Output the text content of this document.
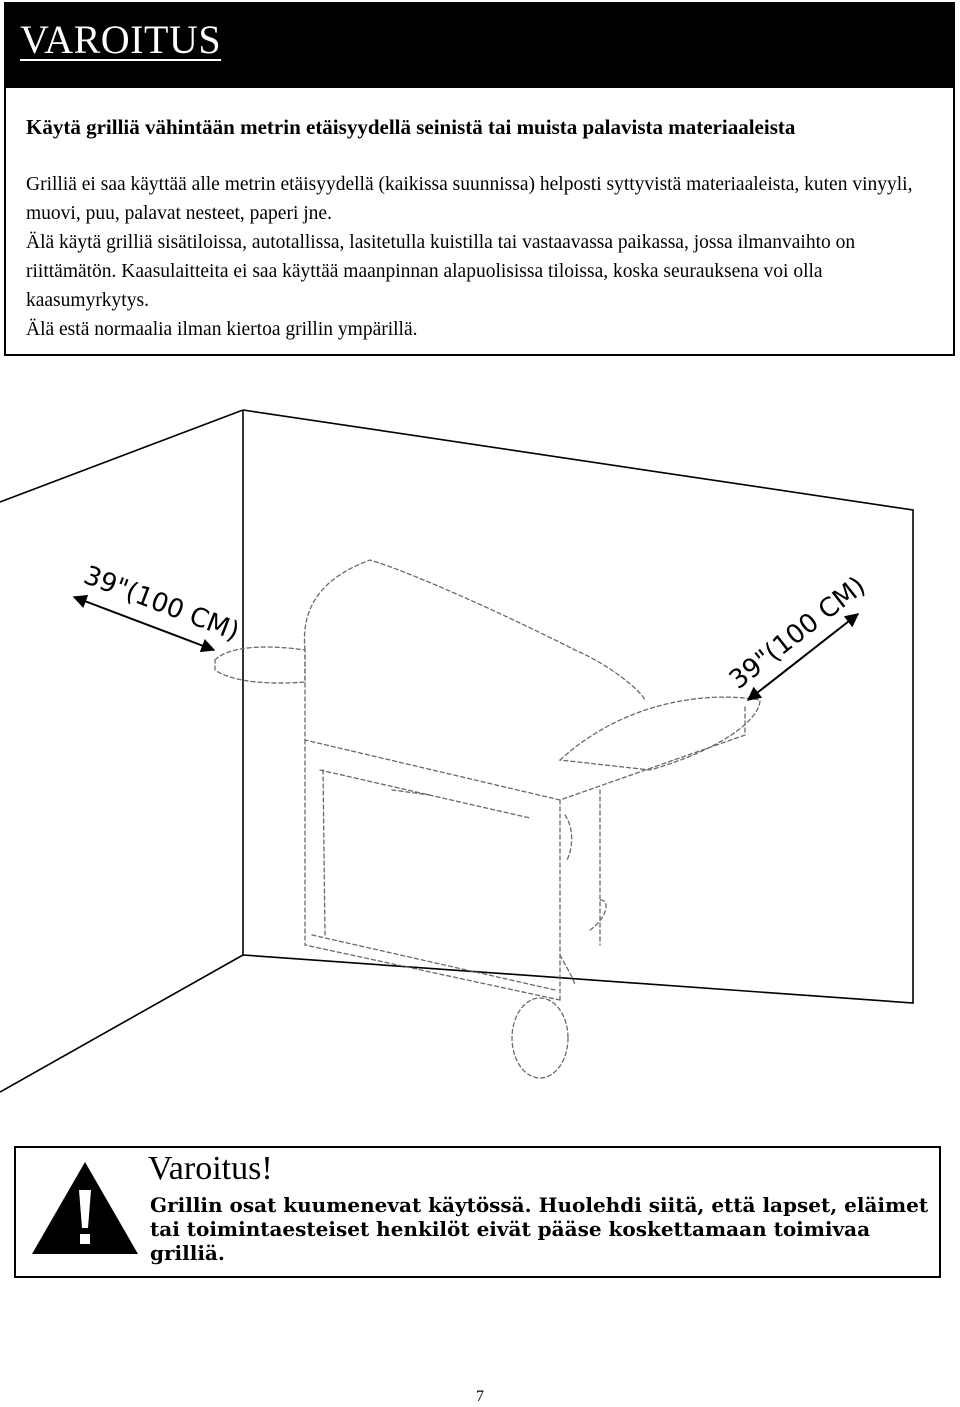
VAROITUS
Käytä grilliä vähintään metrin etäisyydellä seinistä tai muista palavista materiaaleista

Grilliä ei saa käyttää alle metrin etäisyydellä (kaikissa suunnissa) helposti syttyvistä materiaaleista, kuten vinyyli, muovi, puu, palavat nesteet, paperi jne.

Älä käytä grilliä sisätiloissa, autotallissa, lasitetulla kuistilla tai vastaavassa paikassa, jossa ilmanvaihto on riittämätön. Kaasulaitteita ei saa käyttää maanpinnan alapuolisissa tiloissa, koska seurauksena voi olla kaasumyrkytys.

Älä estä normaalia ilman kiertoa grillin ympärillä.

39"(100 CM)	39"(100 CM)
Varoitus!
Grillin osat kuumenevat käytössä. Huolehdi siitä, että lapset, eläimet tai toimintaesteiset henkilöt eivät pääse koskettamaan toimivaa grilliä.
7
